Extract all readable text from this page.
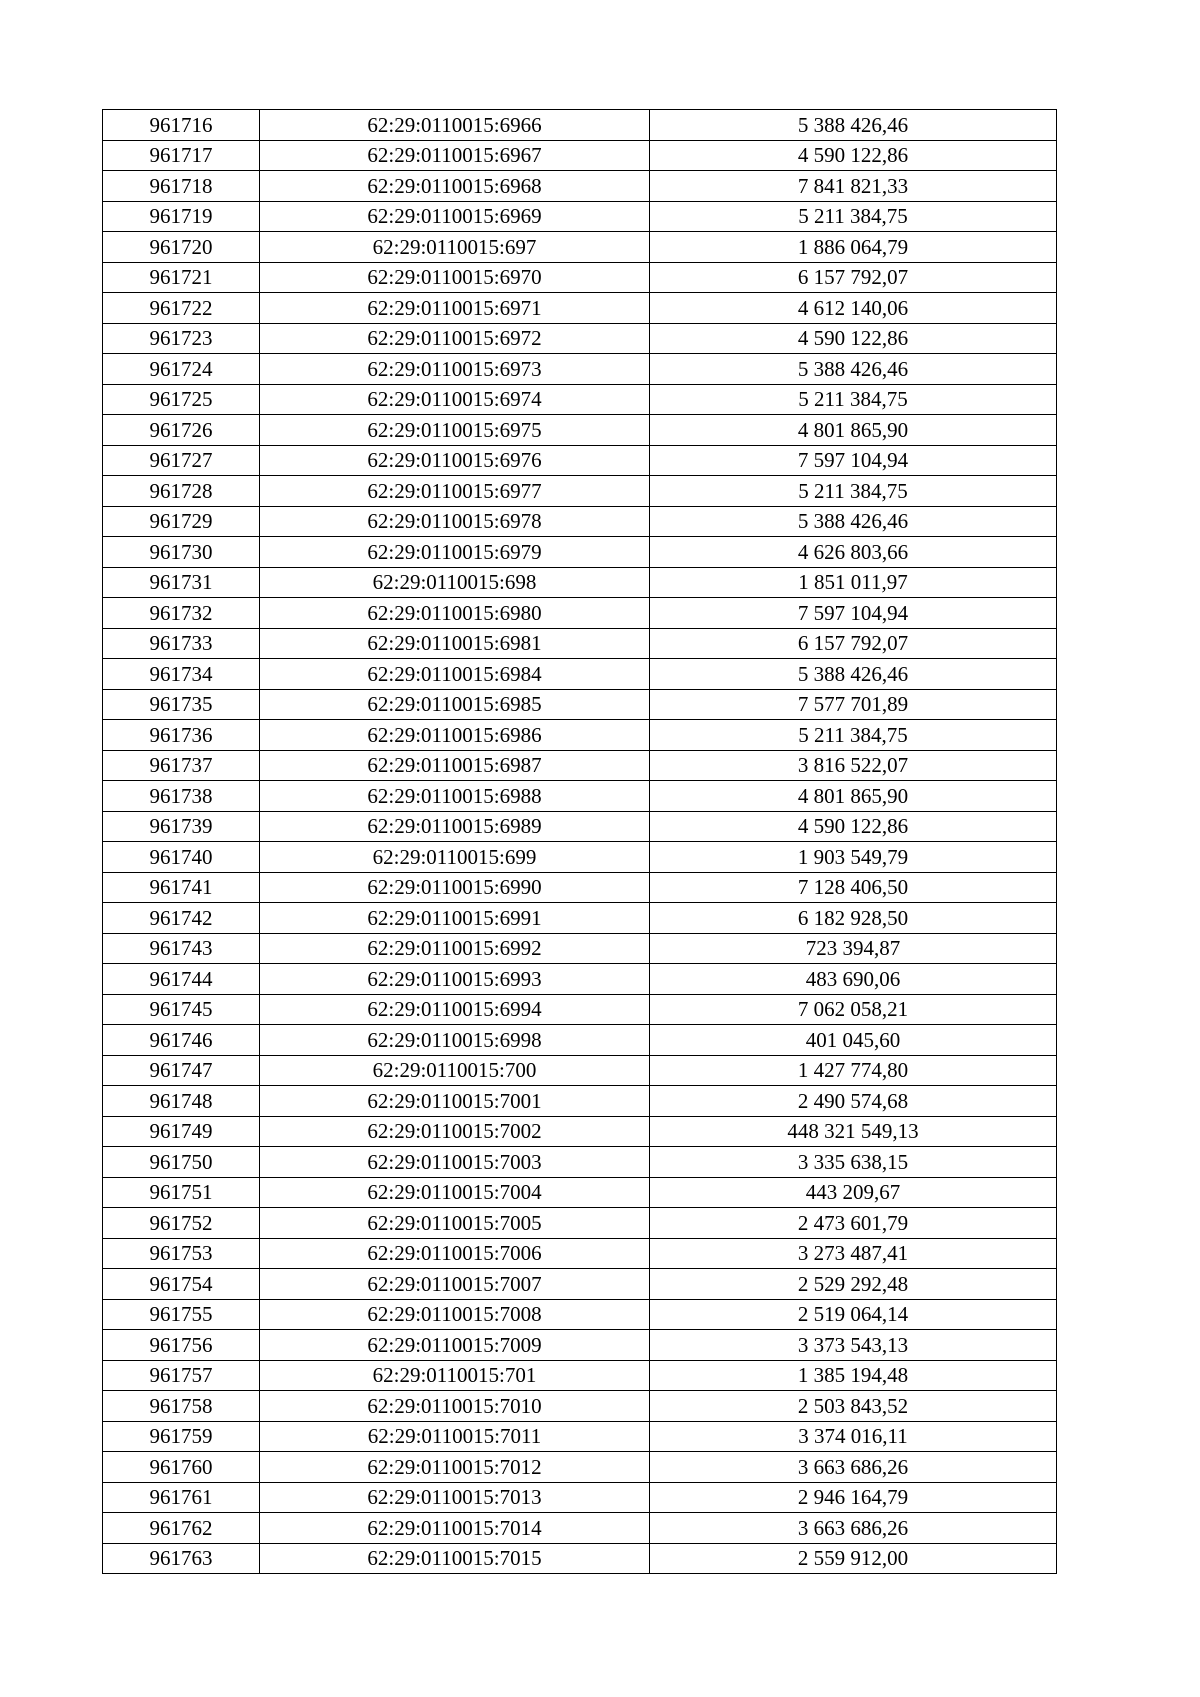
961716	62:29:0110015:6966	5 388 426,46
961717	62:29:0110015:6967	4 590 122,86
961718	62:29:0110015:6968	7 841 821,33
961719	62:29:0110015:6969	5 211 384,75
961720	62:29:0110015:697	1 886 064,79
961721	62:29:0110015:6970	6 157 792,07
961722	62:29:0110015:6971	4 612 140,06
961723	62:29:0110015:6972	4 590 122,86
961724	62:29:0110015:6973	5 388 426,46
961725	62:29:0110015:6974	5 211 384,75
961726	62:29:0110015:6975	4 801 865,90
961727	62:29:0110015:6976	7 597 104,94
961728	62:29:0110015:6977	5 211 384,75
961729	62:29:0110015:6978	5 388 426,46
961730	62:29:0110015:6979	4 626 803,66
961731	62:29:0110015:698	1 851 011,97
961732	62:29:0110015:6980	7 597 104,94
961733	62:29:0110015:6981	6 157 792,07
961734	62:29:0110015:6984	5 388 426,46
961735	62:29:0110015:6985	7 577 701,89
961736	62:29:0110015:6986	5 211 384,75
961737	62:29:0110015:6987	3 816 522,07
961738	62:29:0110015:6988	4 801 865,90
961739	62:29:0110015:6989	4 590 122,86
961740	62:29:0110015:699	1 903 549,79
961741	62:29:0110015:6990	7 128 406,50
961742	62:29:0110015:6991	6 182 928,50
961743	62:29:0110015:6992	723 394,87
961744	62:29:0110015:6993	483 690,06
961745	62:29:0110015:6994	7 062 058,21
961746	62:29:0110015:6998	401 045,60
961747	62:29:0110015:700	1 427 774,80
961748	62:29:0110015:7001	2 490 574,68
961749	62:29:0110015:7002	448 321 549,13
961750	62:29:0110015:7003	3 335 638,15
961751	62:29:0110015:7004	443 209,67
961752	62:29:0110015:7005	2 473 601,79
961753	62:29:0110015:7006	3 273 487,41
961754	62:29:0110015:7007	2 529 292,48
961755	62:29:0110015:7008	2 519 064,14
961756	62:29:0110015:7009	3 373 543,13
961757	62:29:0110015:701	1 385 194,48
961758	62:29:0110015:7010	2 503 843,52
961759	62:29:0110015:7011	3 374 016,11
961760	62:29:0110015:7012	3 663 686,26
961761	62:29:0110015:7013	2 946 164,79
961762	62:29:0110015:7014	3 663 686,26
961763	62:29:0110015:7015	2 559 912,00
